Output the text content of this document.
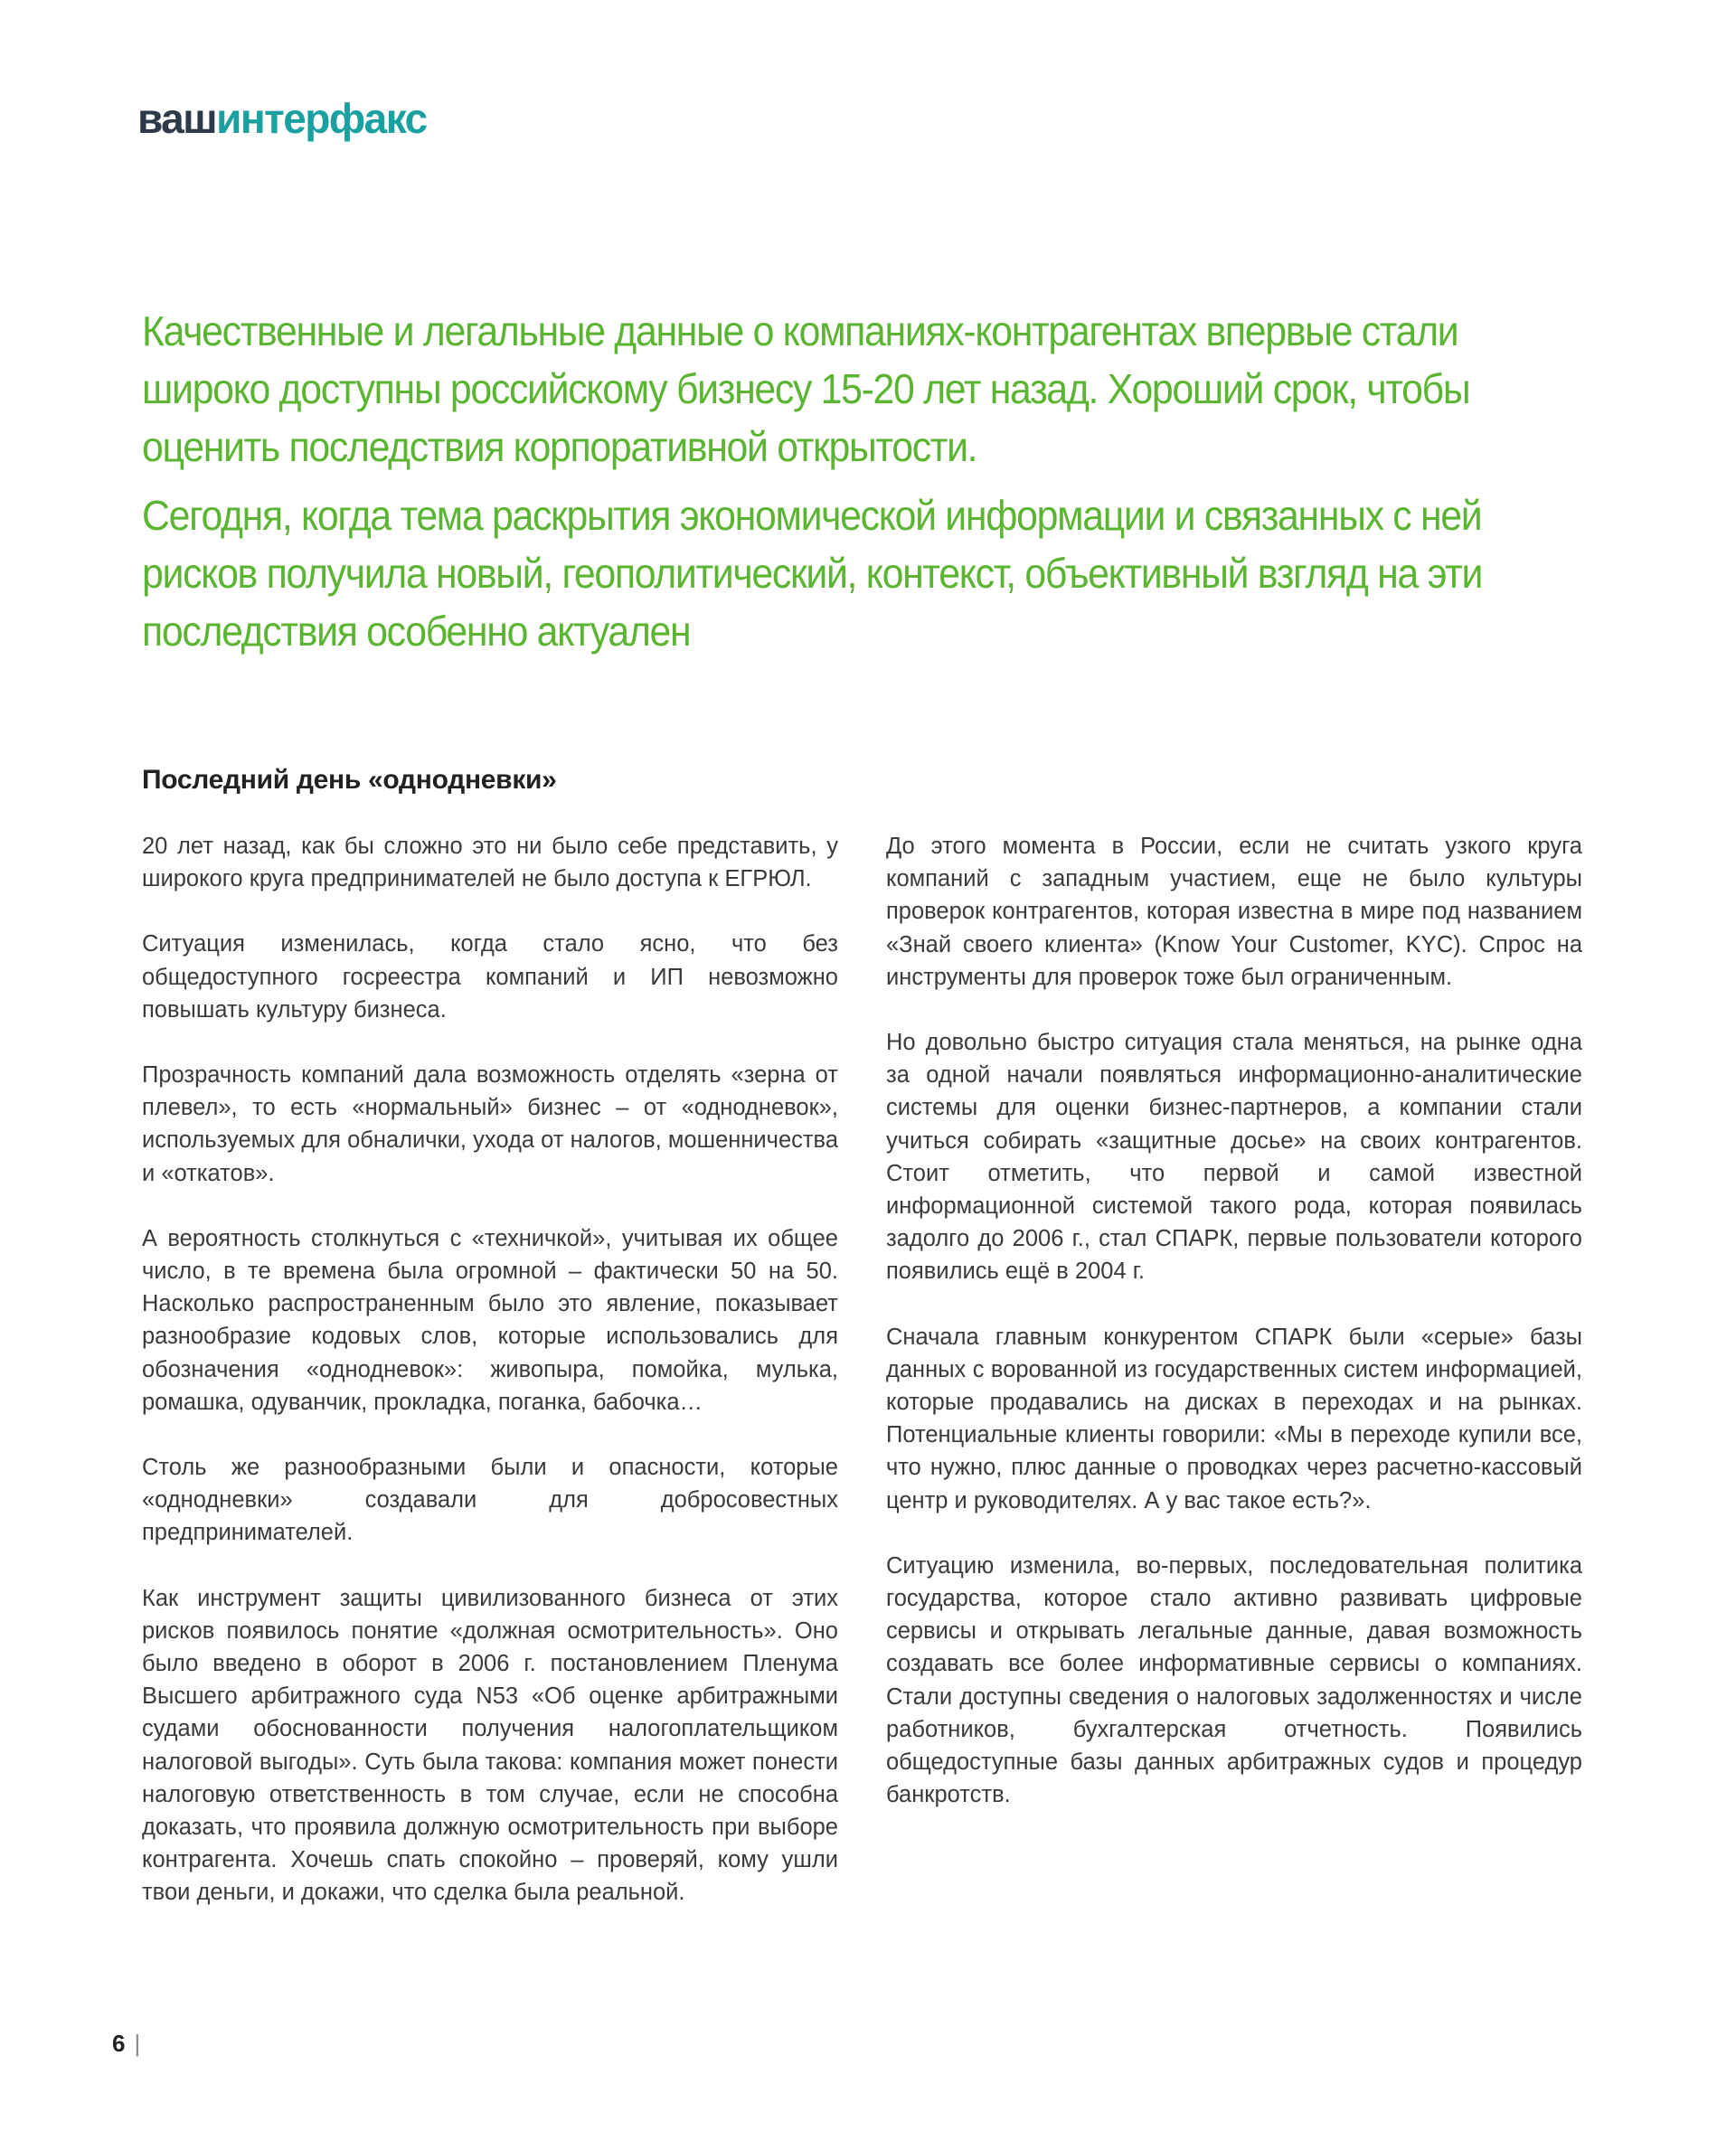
вашинтерфакс

Качественные и легальные данные о компаниях-контрагентах впервые стали широко доступны российскому бизнесу 15-20 лет назад. Хороший срок, чтобы оценить последствия корпоративной открытости.

Сегодня, когда тема раскрытия экономической информации и связанных с ней рисков получила новый, геополитический, контекст, объективный взгляд на эти последствия особенно актуален

Последний день «однодневки»

20 лет назад, как бы сложно это ни было себе представить, у широкого круга предпринимателей не было доступа к ЕГРЮЛ.

Ситуация изменилась, когда стало ясно, что без общедоступного госреестра компаний и ИП невозможно повышать культуру бизнеса.

Прозрачность компаний дала возможность отделять «зерна от плевел», то есть «нормальный» бизнес – от «однодневок», используемых для обналички, ухода от налогов, мошенничества и «откатов».

А вероятность столкнуться с «техничкой», учитывая их общее число, в те времена была огромной – фактически 50 на 50. Насколько распространенным было это явление, показывает разнообразие кодовых слов, которые использовались для обозначения «однодневок»: живопыра, помойка, мулька, ромашка, одуванчик, прокладка, поганка, бабочка…

Столь же разнообразными были и опасности, которые «однодневки» создавали для добросовестных предпринимателей.

Как инструмент защиты цивилизованного бизнеса от этих рисков появилось понятие «должная осмотрительность». Оно было введено в оборот в 2006 г. постановлением Пленума Высшего арбитражного суда N53 «Об оценке арбитражными судами обоснованности получения налогоплательщиком налоговой выгоды». Суть была такова: компания может понести налоговую ответственность в том случае, если не способна доказать, что проявила должную осмотрительность при выборе контрагента. Хочешь спать спокойно – проверяй, кому ушли твои деньги, и докажи, что сделка была реальной.

До этого момента в России, если не считать узкого круга компаний с западным участием, еще не было культуры проверок контрагентов, которая известна в мире под названием «Знай своего клиента» (Know Your Customer, KYC). Спрос на инструменты для проверок тоже был ограниченным.

Но довольно быстро ситуация стала меняться, на рынке одна за одной начали появляться информационно-аналитические системы для оценки бизнес-партнеров, а компании стали учиться собирать «защитные досье» на своих контрагентов. Стоит отметить, что первой и самой известной информационной системой такого рода, которая появилась задолго до 2006 г., стал СПАРК, первые пользователи которого появились ещё в 2004 г.

Сначала главным конкурентом СПАРК были «серые» базы данных с ворованной из государственных систем информацией, которые продавались на дисках в переходах и на рынках. Потенциальные клиенты говорили: «Мы в переходе купили все, что нужно, плюс данные о проводках через расчетно-кассовый центр и руководителях. А у вас такое есть?».

Ситуацию изменила, во-первых, последовательная политика государства, которое стало активно развивать цифровые сервисы и открывать легальные данные, давая возможность создавать все более информативные сервисы о компаниях. Стали доступны сведения о налоговых задолженностях и числе работников, бухгалтерская отчетность. Появились общедоступные базы данных арбитражных судов и процедур банкротств.

6 |
